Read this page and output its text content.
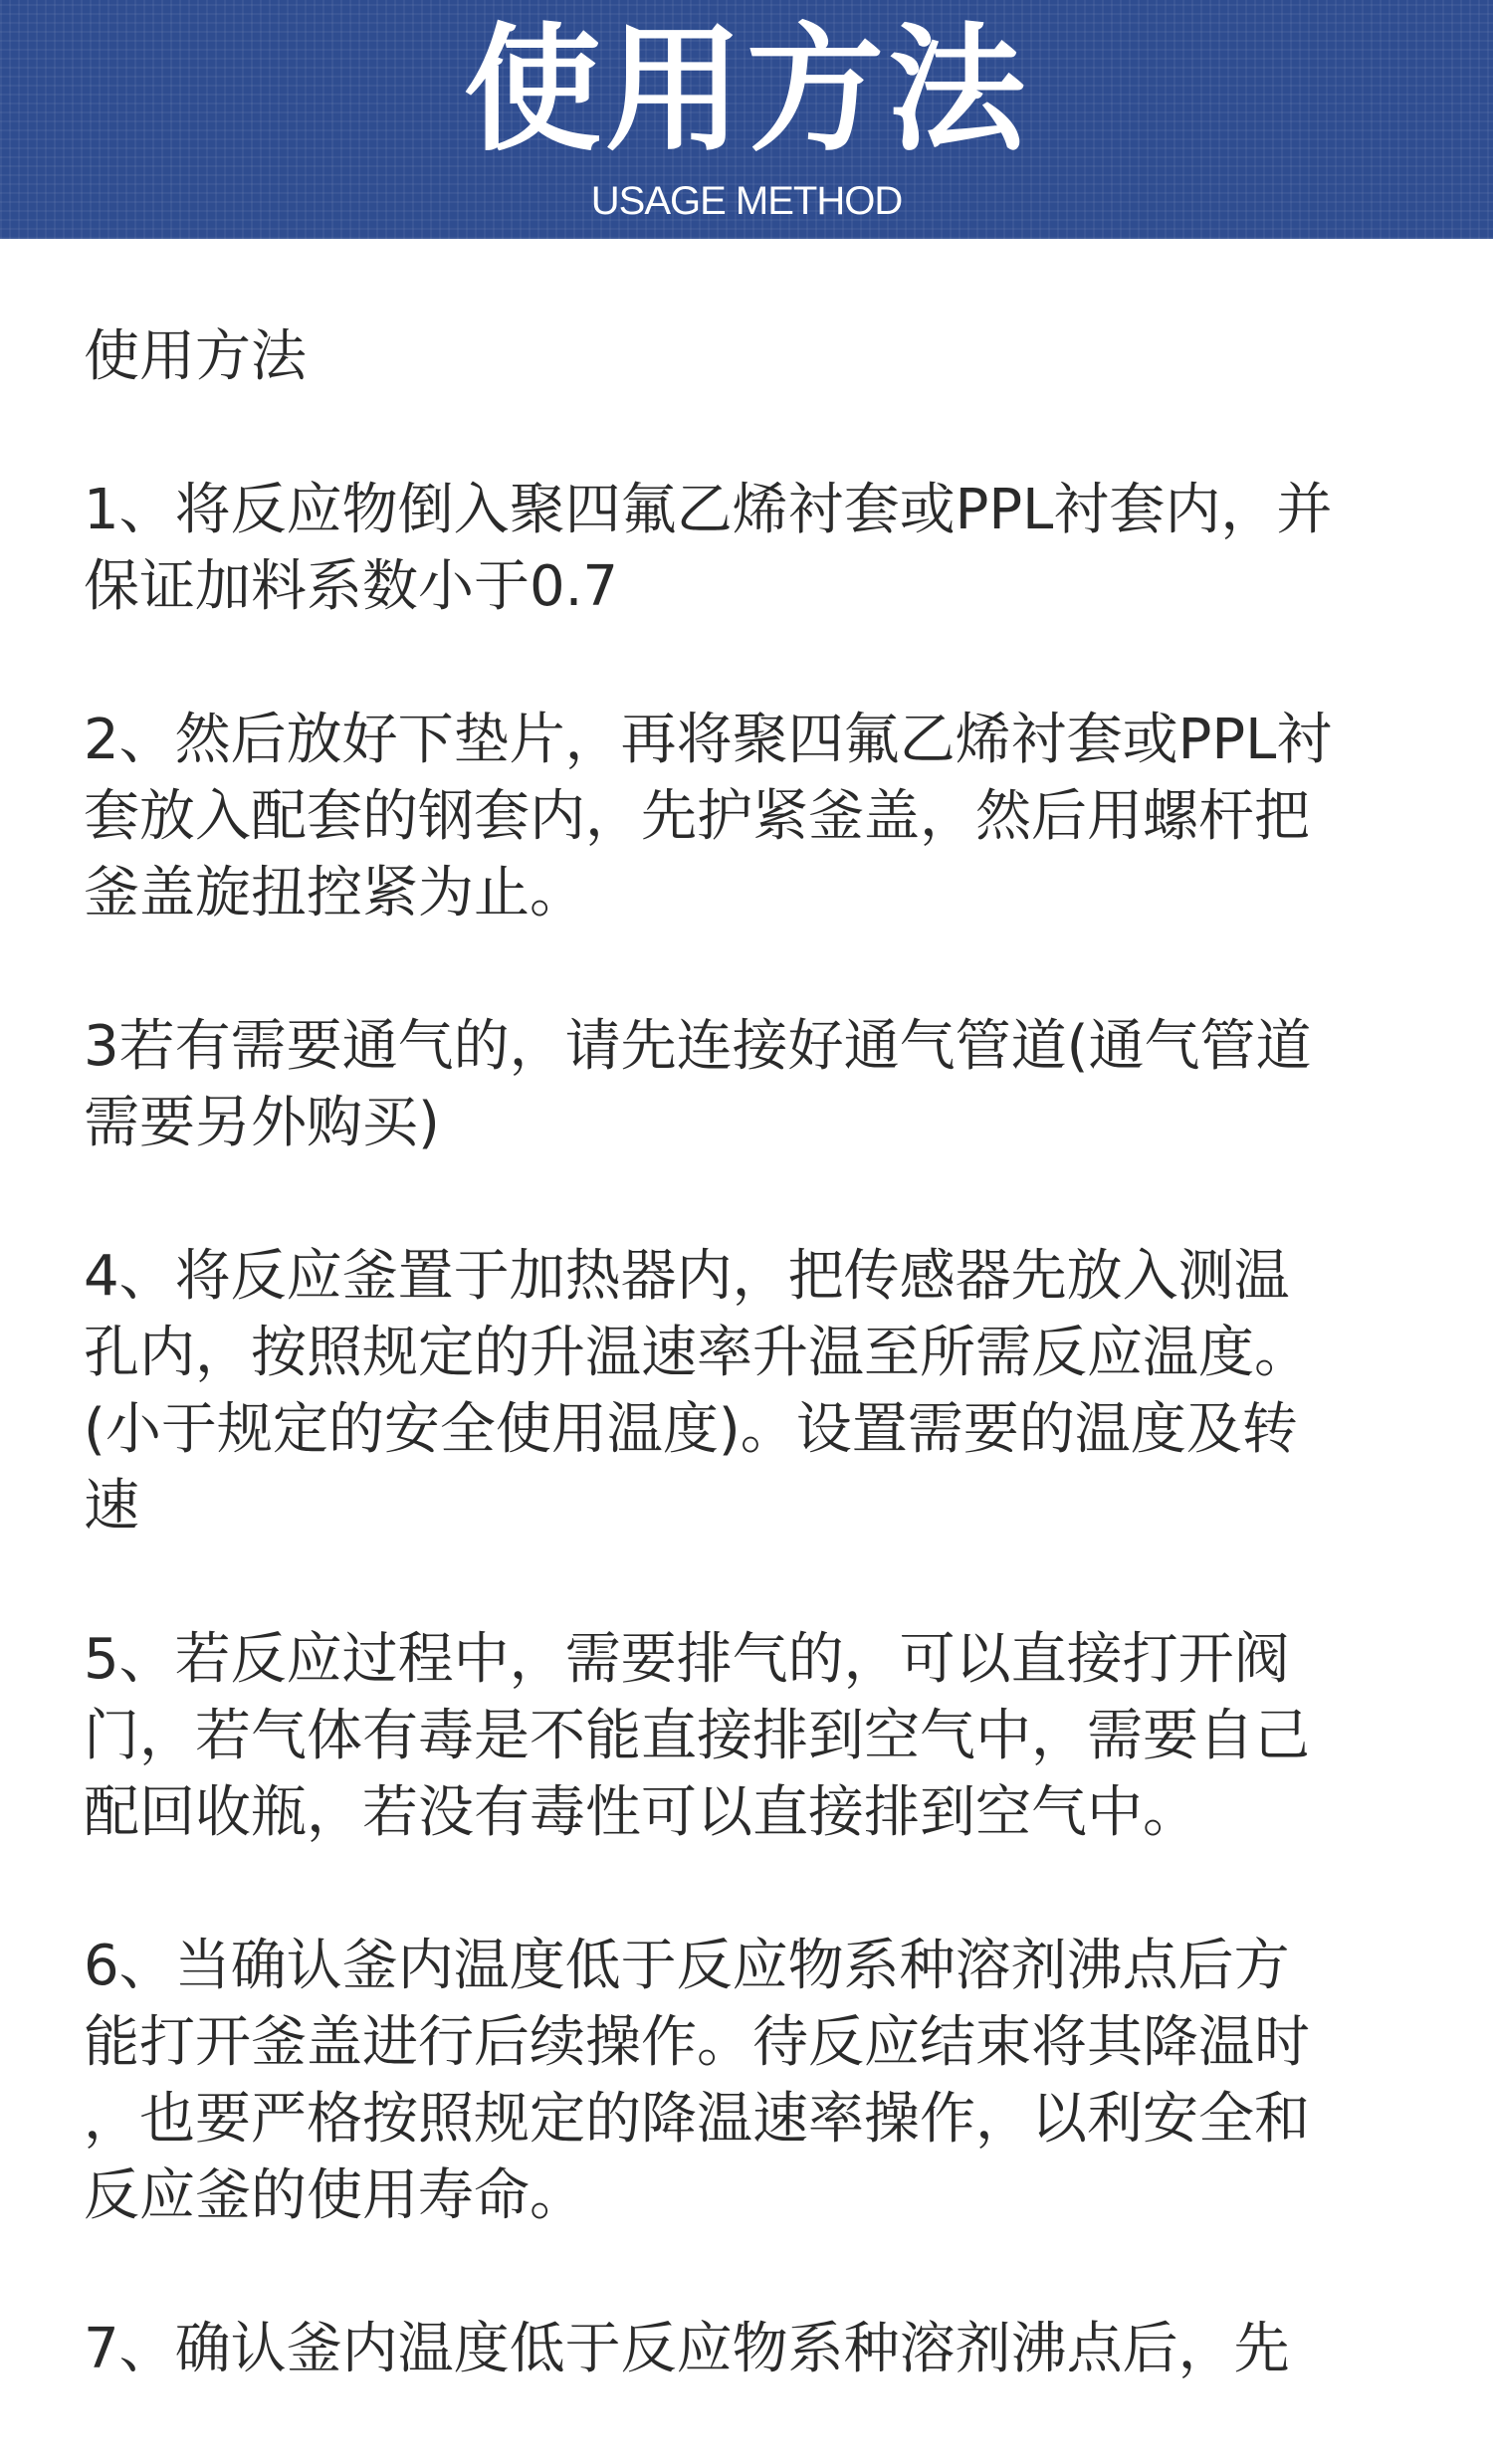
使用方法
USAGE METHOD
使用方法
1、将反应物倒入聚四氟乙烯衬套或PPL衬套内，并
保证加料系数小于0.7
2、然后放好下垫片，再将聚四氟乙烯衬套或PPL衬
套放入配套的钢套内，先护紧釜盖，然后用螺杆把
釜盖旋扭控紧为止。
3若有需要通气的，请先连接好通气管道(通气管道
需要另外购买)
4、将反应釜置于加热器内，把传感器先放入测温
孔内，按照规定的升温速率升温至所需反应温度。
(小于规定的安全使用温度)。设置需要的温度及转
速
5、若反应过程中，需要排气的，可以直接打开阀
门，若气体有毒是不能直接排到空气中，需要自己
配回收瓶，若没有毒性可以直接排到空气中。
6、当确认釜内温度低于反应物系种溶剂沸点后方
能打开釜盖进行后续操作。待反应结束将其降温时
，也要严格按照规定的降温速率操作，以利安全和
反应釜的使用寿命。
7、确认釜内温度低于反应物系种溶剂沸点后，先
